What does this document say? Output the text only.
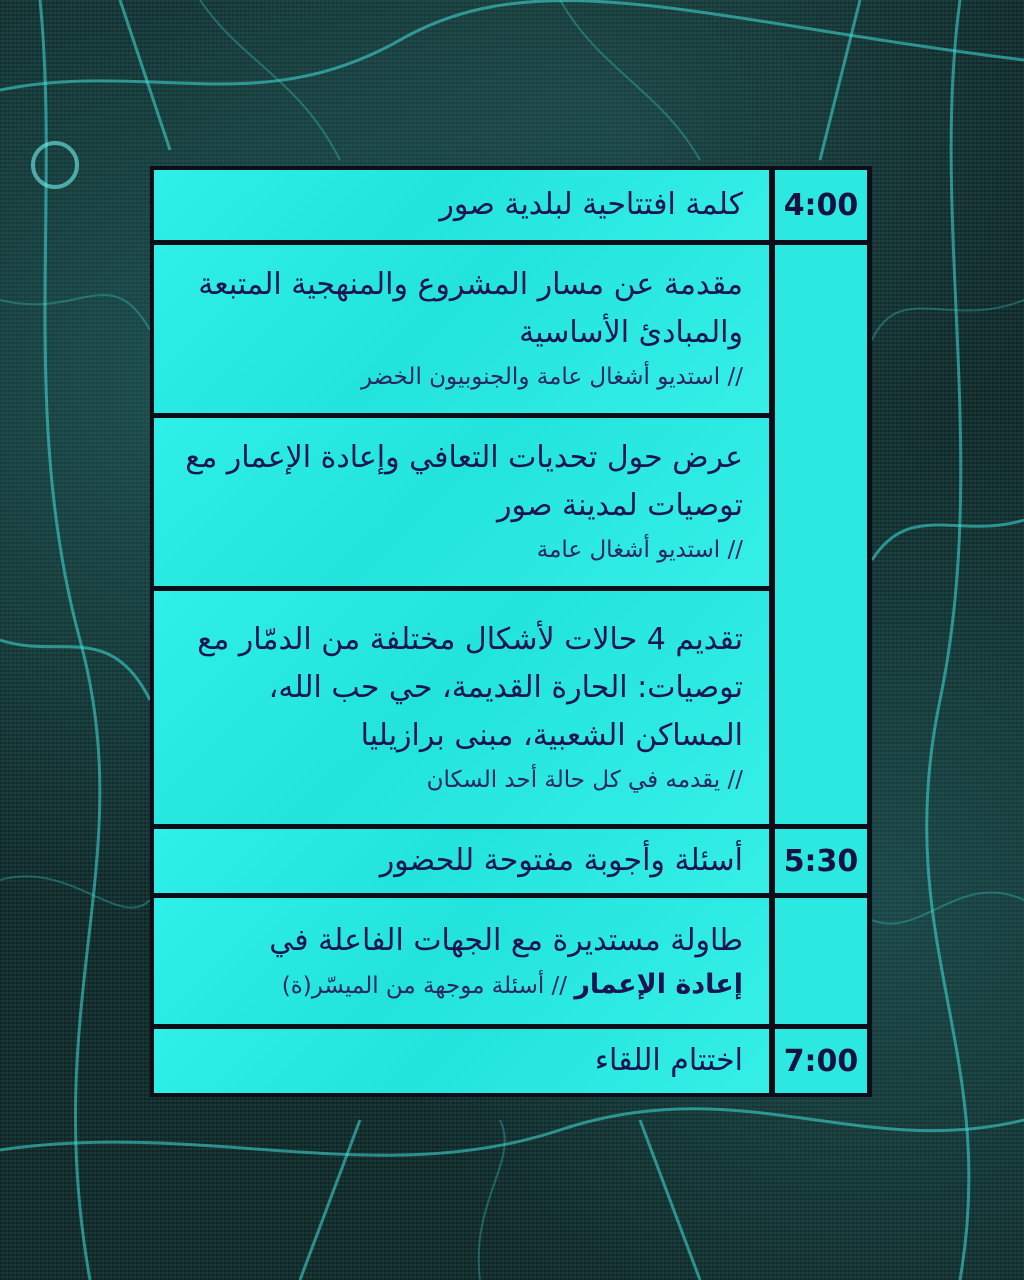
كلمة افتتاحية لبلدية صور 4:00
مقدمة عن مسار المشروع والمنهجية المتبعة والمبادئ الأساسية
// استديو أشغال عامة والجنوبيون الخضر
عرض حول تحديات التعافي وإعادة الإعمار مع توصيات لمدينة صور
// استديو أشغال عامة
تقديم 4 حالات لأشكال مختلفة من الدمّار مع توصيات: الحارة القديمة، حي حب الله، المساكن الشعبية، مبنى برازيليا
// يقدمه في كل حالة أحد السكان
أسئلة وأجوبة مفتوحة للحضور 5:30
طاولة مستديرة مع الجهات الفاعلة في
إعادة الإعمار // أسئلة موجهة من الميسّر(ة)
اختتام اللقاء 7:00
